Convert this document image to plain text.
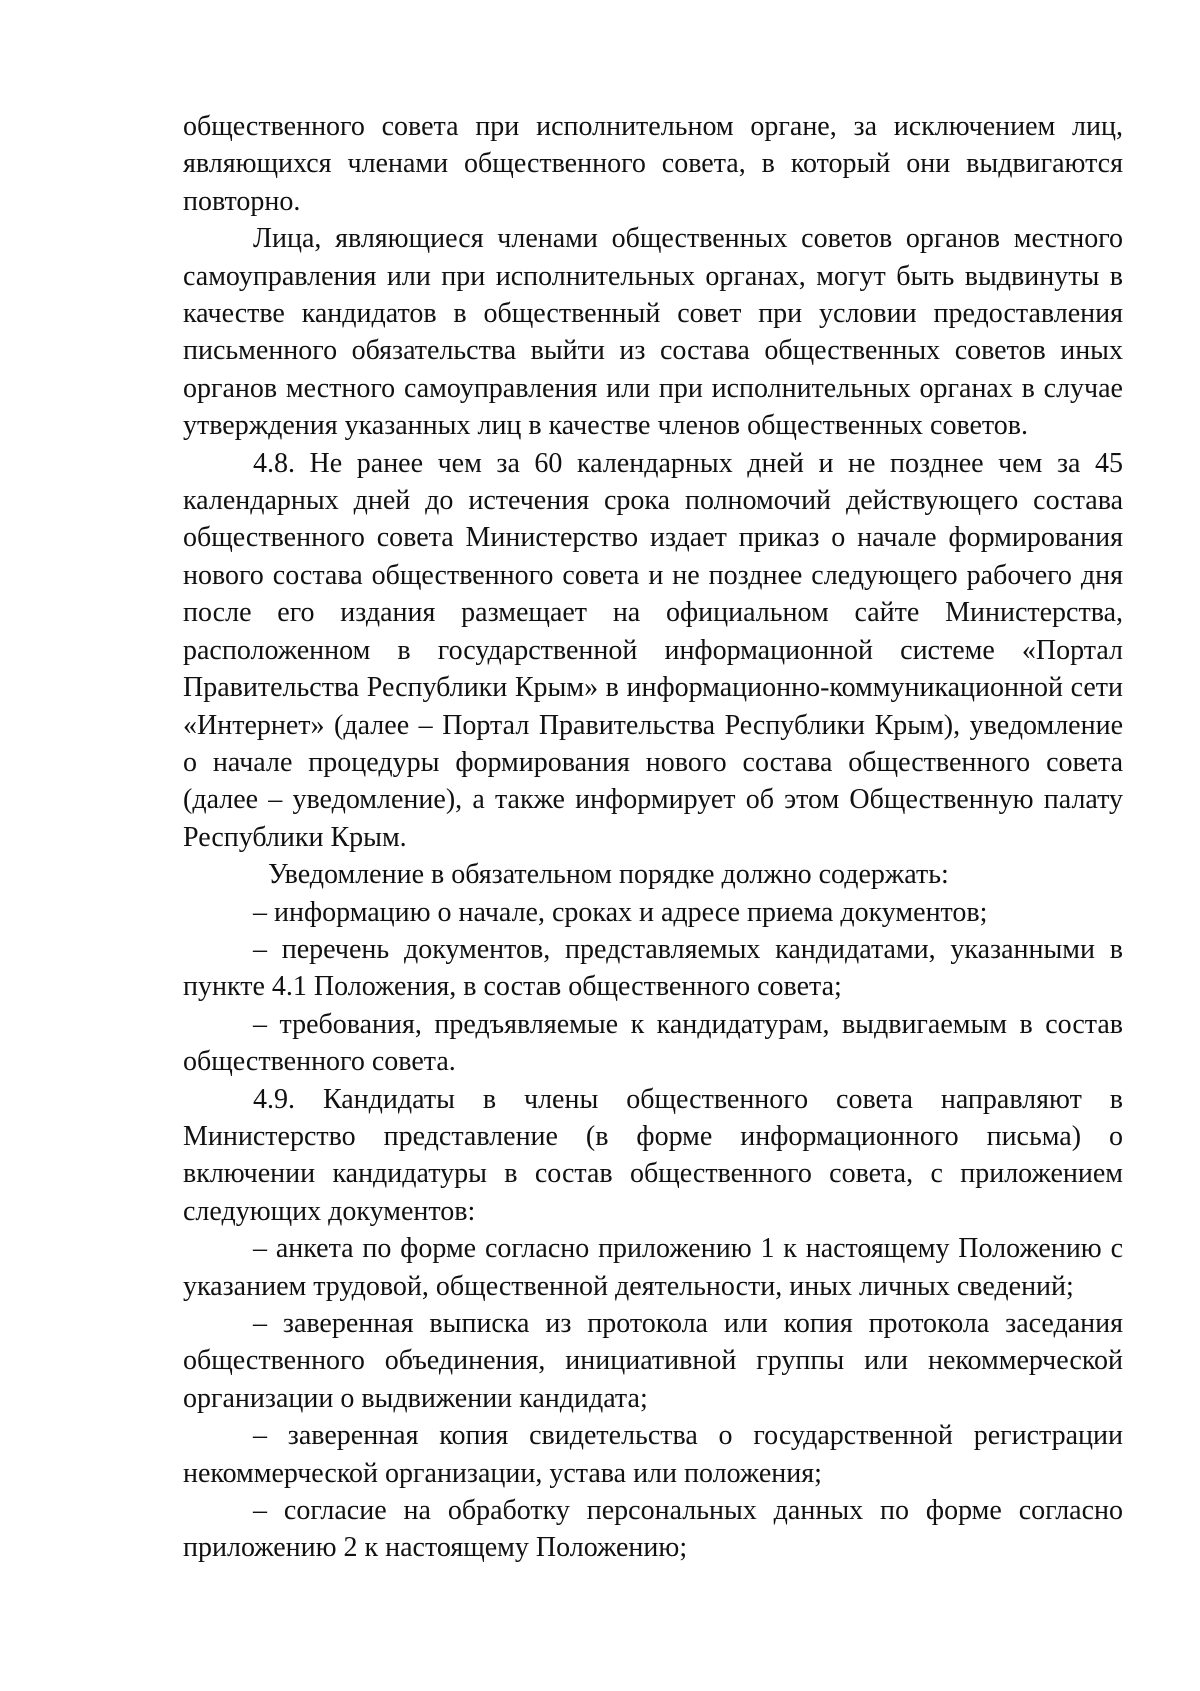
общественного совета при исполнительном органе, за исключением лиц, являющихся членами общественного совета, в который они выдвигаются повторно.

Лица, являющиеся членами общественных советов органов местного самоуправления или при исполнительных органах, могут быть выдвинуты в качестве кандидатов в общественный совет при условии предоставления письменного обязательства выйти из состава общественных советов иных органов местного самоуправления или при исполнительных органах в случае утверждения указанных лиц в качестве членов общественных советов.

4.8. Не ранее чем за 60 календарных дней и не позднее чем за 45 календарных дней до истечения срока полномочий действующего состава общественного совета Министерство издает приказ о начале формирования нового состава общественного совета и не позднее следующего рабочего дня после его издания размещает на официальном сайте Министерства, расположенном в государственной информационной системе «Портал Правительства Республики Крым» в информационно-коммуникационной сети «Интернет» (далее – Портал Правительства Республики Крым), уведомление о начале процедуры формирования нового состава общественного совета (далее – уведомление), а также информирует об этом Общественную палату Республики Крым.

Уведомление в обязательном порядке должно содержать:

– информацию о начале, сроках и адресе приема документов;

– перечень документов, представляемых кандидатами, указанными в пункте 4.1 Положения, в состав общественного совета;

– требования, предъявляемые к кандидатурам, выдвигаемым в состав общественного совета.

4.9. Кандидаты в члены общественного совета направляют в Министерство представление (в форме информационного письма) о включении кандидатуры в состав общественного совета, с приложением следующих документов:

– анкета по форме согласно приложению 1 к настоящему Положению с указанием трудовой, общественной деятельности, иных личных сведений;

– заверенная выписка из протокола или копия протокола заседания общественного объединения, инициативной группы или некоммерческой организации о выдвижении кандидата;

– заверенная копия свидетельства о государственной регистрации некоммерческой организации, устава или положения;

– согласие на обработку персональных данных по форме согласно приложению 2 к настоящему Положению;
